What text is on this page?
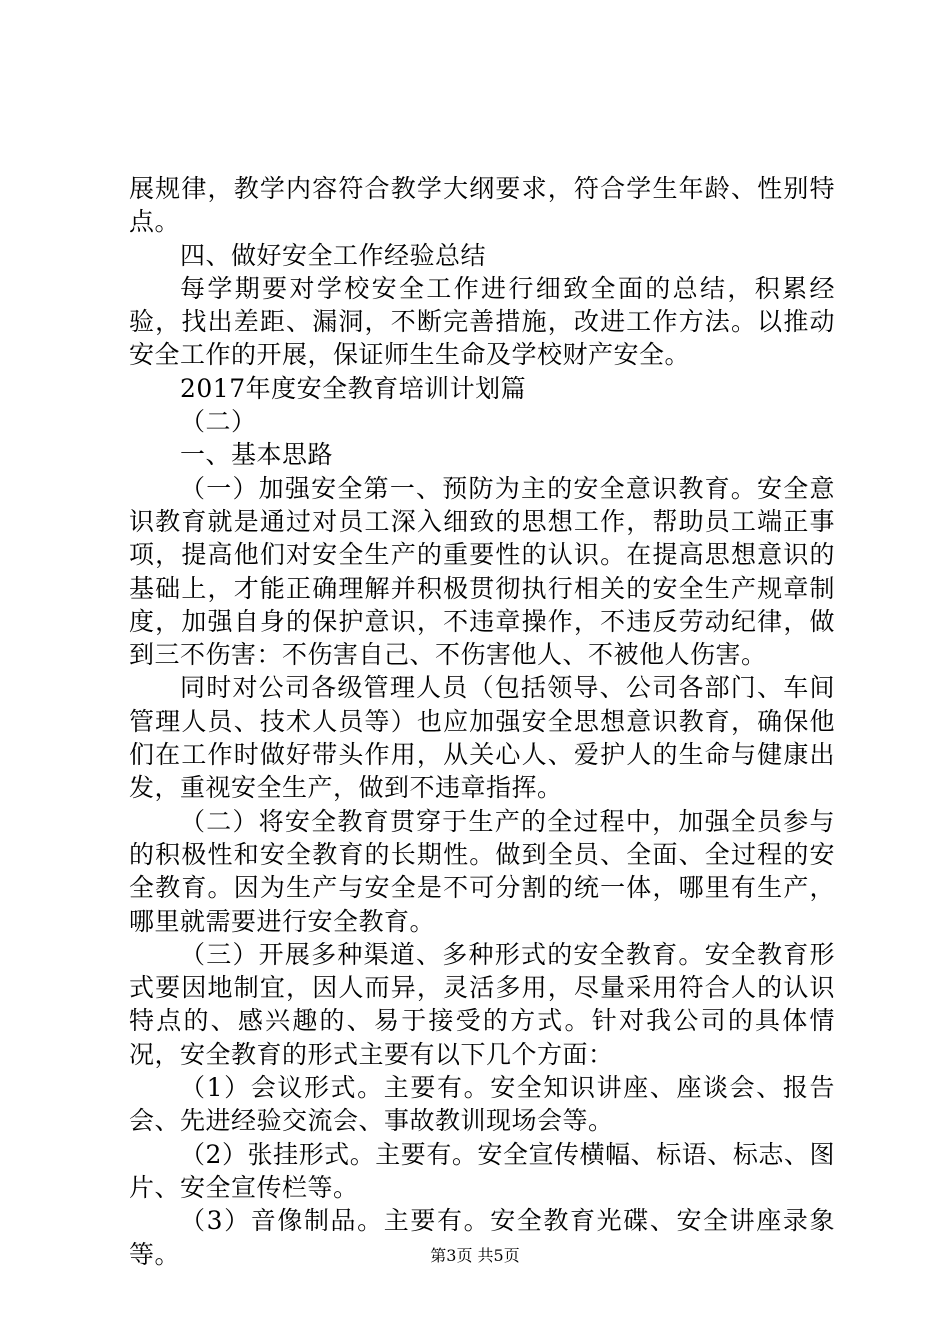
展规律，教学内容符合教学大纲要求，符合学生年龄、性别特点。

四、做好安全工作经验总结

每学期要对学校安全工作进行细致全面的总结，积累经验，找出差距、漏洞，不断完善措施，改进工作方法。以推动安全工作的开展，保证师生生命及学校财产安全。

2017年度安全教育培训计划篇

（二）

一、基本思路

（一）加强安全第一、预防为主的安全意识教育。安全意识教育就是通过对员工深入细致的思想工作，帮助员工端正事项，提高他们对安全生产的重要性的认识。在提高思想意识的基础上，才能正确理解并积极贯彻执行相关的安全生产规章制度，加强自身的保护意识，不违章操作，不违反劳动纪律，做到三不伤害：不伤害自己、不伤害他人、不被他人伤害。

同时对公司各级管理人员（包括领导、公司各部门、车间管理人员、技术人员等）也应加强安全思想意识教育，确保他们在工作时做好带头作用，从关心人、爱护人的生命与健康出发，重视安全生产，做到不违章指挥。

（二）将安全教育贯穿于生产的全过程中，加强全员参与的积极性和安全教育的长期性。做到全员、全面、全过程的安全教育。因为生产与安全是不可分割的统一体，哪里有生产，哪里就需要进行安全教育。

（三）开展多种渠道、多种形式的安全教育。安全教育形式要因地制宜，因人而异，灵活多用，尽量采用符合人的认识特点的、感兴趣的、易于接受的方式。针对我公司的具体情况，安全教育的形式主要有以下几个方面：

（1）会议形式。主要有。安全知识讲座、座谈会、报告会、先进经验交流会、事故教训现场会等。

（2）张挂形式。主要有。安全宣传横幅、标语、标志、图片、安全宣传栏等。

（3）音像制品。主要有。安全教育光碟、安全讲座录象等。	第3页 共5页
